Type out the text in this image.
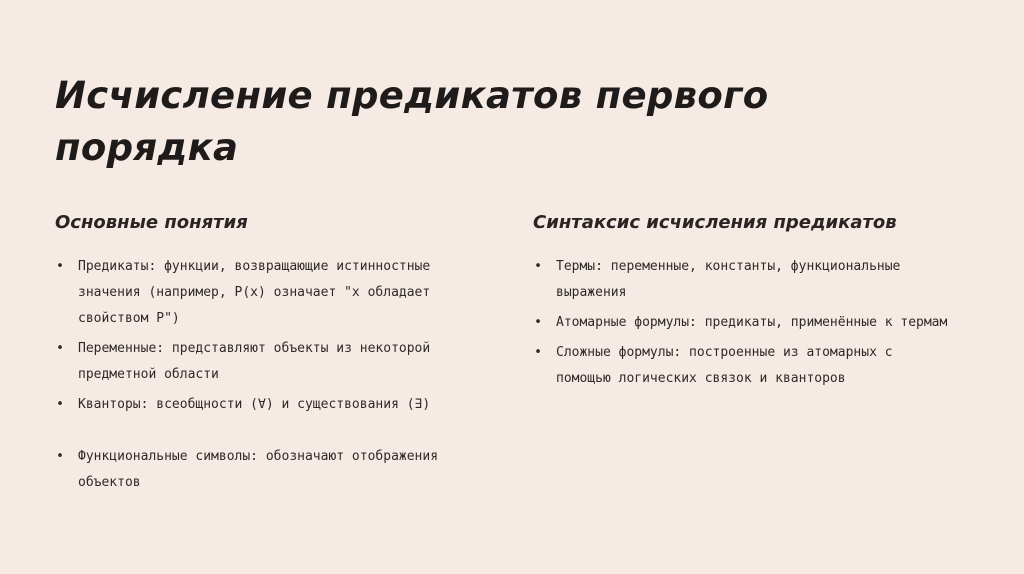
Исчисление предикатов первого порядка
Основные понятия
• Предикаты: функции, возвращающие истинностные значения (например, P(x) означает "x обладает свойством P")
• Переменные: представляют объекты из некоторой предметной области
• Кванторы: всеобщности (∀) и существования (∃)
• Функциональные символы: обозначают отображения объектов
Синтаксис исчисления предикатов
• Термы: переменные, константы, функциональные выражения
• Атомарные формулы: предикаты, применённые к термам
• Сложные формулы: построенные из атомарных с помощью логических связок и кванторов
